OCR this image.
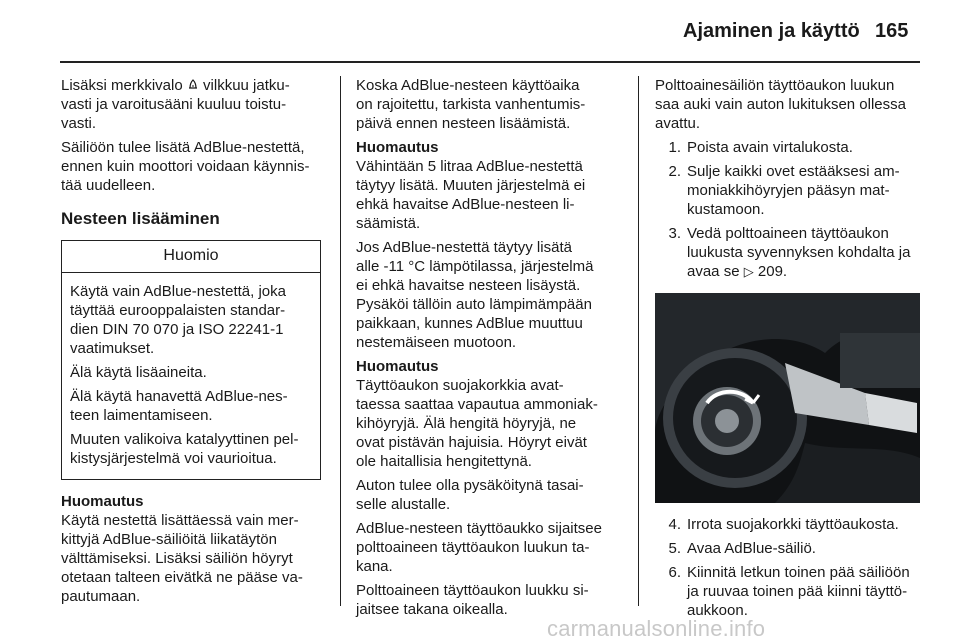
Ajaminen ja käyttö 165

Lisäksi merkkivalo  vilkkuu jatku-
vasti ja varoitusääni kuuluu toistu-
vasti.

Säiliöön tulee lisätä AdBlue-nestettä,
ennen kuin moottori voidaan käynnis-
tää uudelleen.

Nesteen lisääminen
Huomio

Käytä vain AdBlue-nestettä, joka
täyttää eurooppalaisten standar-
dien DIN 70 070 ja ISO 22241-1
vaatimukset.

Älä käytä lisäaineita.

Älä käytä hanavettä AdBlue-nes-
teen laimentamiseen.

Muuten valikoiva katalyyttinen pel-
kistysjärjestelmä voi vaurioitua.

Huomautus

Käytä nestettä lisättäessä vain mer-
kittyjä AdBlue-säiliöitä liikatäytön
välttämiseksi. Lisäksi säiliön höyryt
otetaan talteen eivätkä ne pääse va-
pautumaan.

Koska AdBlue-nesteen käyttöaika
on rajoitettu, tarkista vanhentumis-
päivä ennen nesteen lisäämistä.

Huomautus

Vähintään 5 litraa AdBlue-nestettä
täytyy lisätä. Muuten järjestelmä ei
ehkä havaitse AdBlue-nesteen li-
säämistä.

Jos AdBlue-nestettä täytyy lisätä
alle -11 °C lämpötilassa, järjestelmä
ei ehkä havaitse nesteen lisäystä.
Pysäköi tällöin auto lämpimämpään
paikkaan, kunnes AdBlue muuttuu
nestemäiseen muotoon.

Huomautus

Täyttöaukon suojakorkkia avat-
taessa saattaa vapautua ammoniak-
kihöyryjä. Älä hengitä höyryjä, ne
ovat pistävän hajuisia. Höyryt eivät
ole haitallisia hengitettynä.

Auton tulee olla pysäköitynä tasai-
selle alustalle.

AdBlue-nesteen täyttöaukko sijaitsee
polttoaineen täyttöaukon luukun ta-
kana.

Polttoaineen täyttöaukon luukku si-
jaitsee takana oikealla.

Polttoainesäiliön täyttöaukon luukun
saa auki vain auton lukituksen ollessa
avattu.

1. Poista avain virtalukosta.
2. Sulje kaikki ovet estääksesi am-
moniakkihöyryjen pääsyn mat-
kustamoon.
3. Vedä polttoaineen täyttöaukon
luukusta syvennyksen kohdalta ja
avaa se ▷ 209.
4. Irrota suojakorkki täyttöaukosta.
5. Avaa AdBlue-säiliö.
6. Kiinnitä letkun toinen pää säiliöön
ja ruuvaa toinen pää kiinni täyttö-
aukkoon.
carmanualsonline.info
